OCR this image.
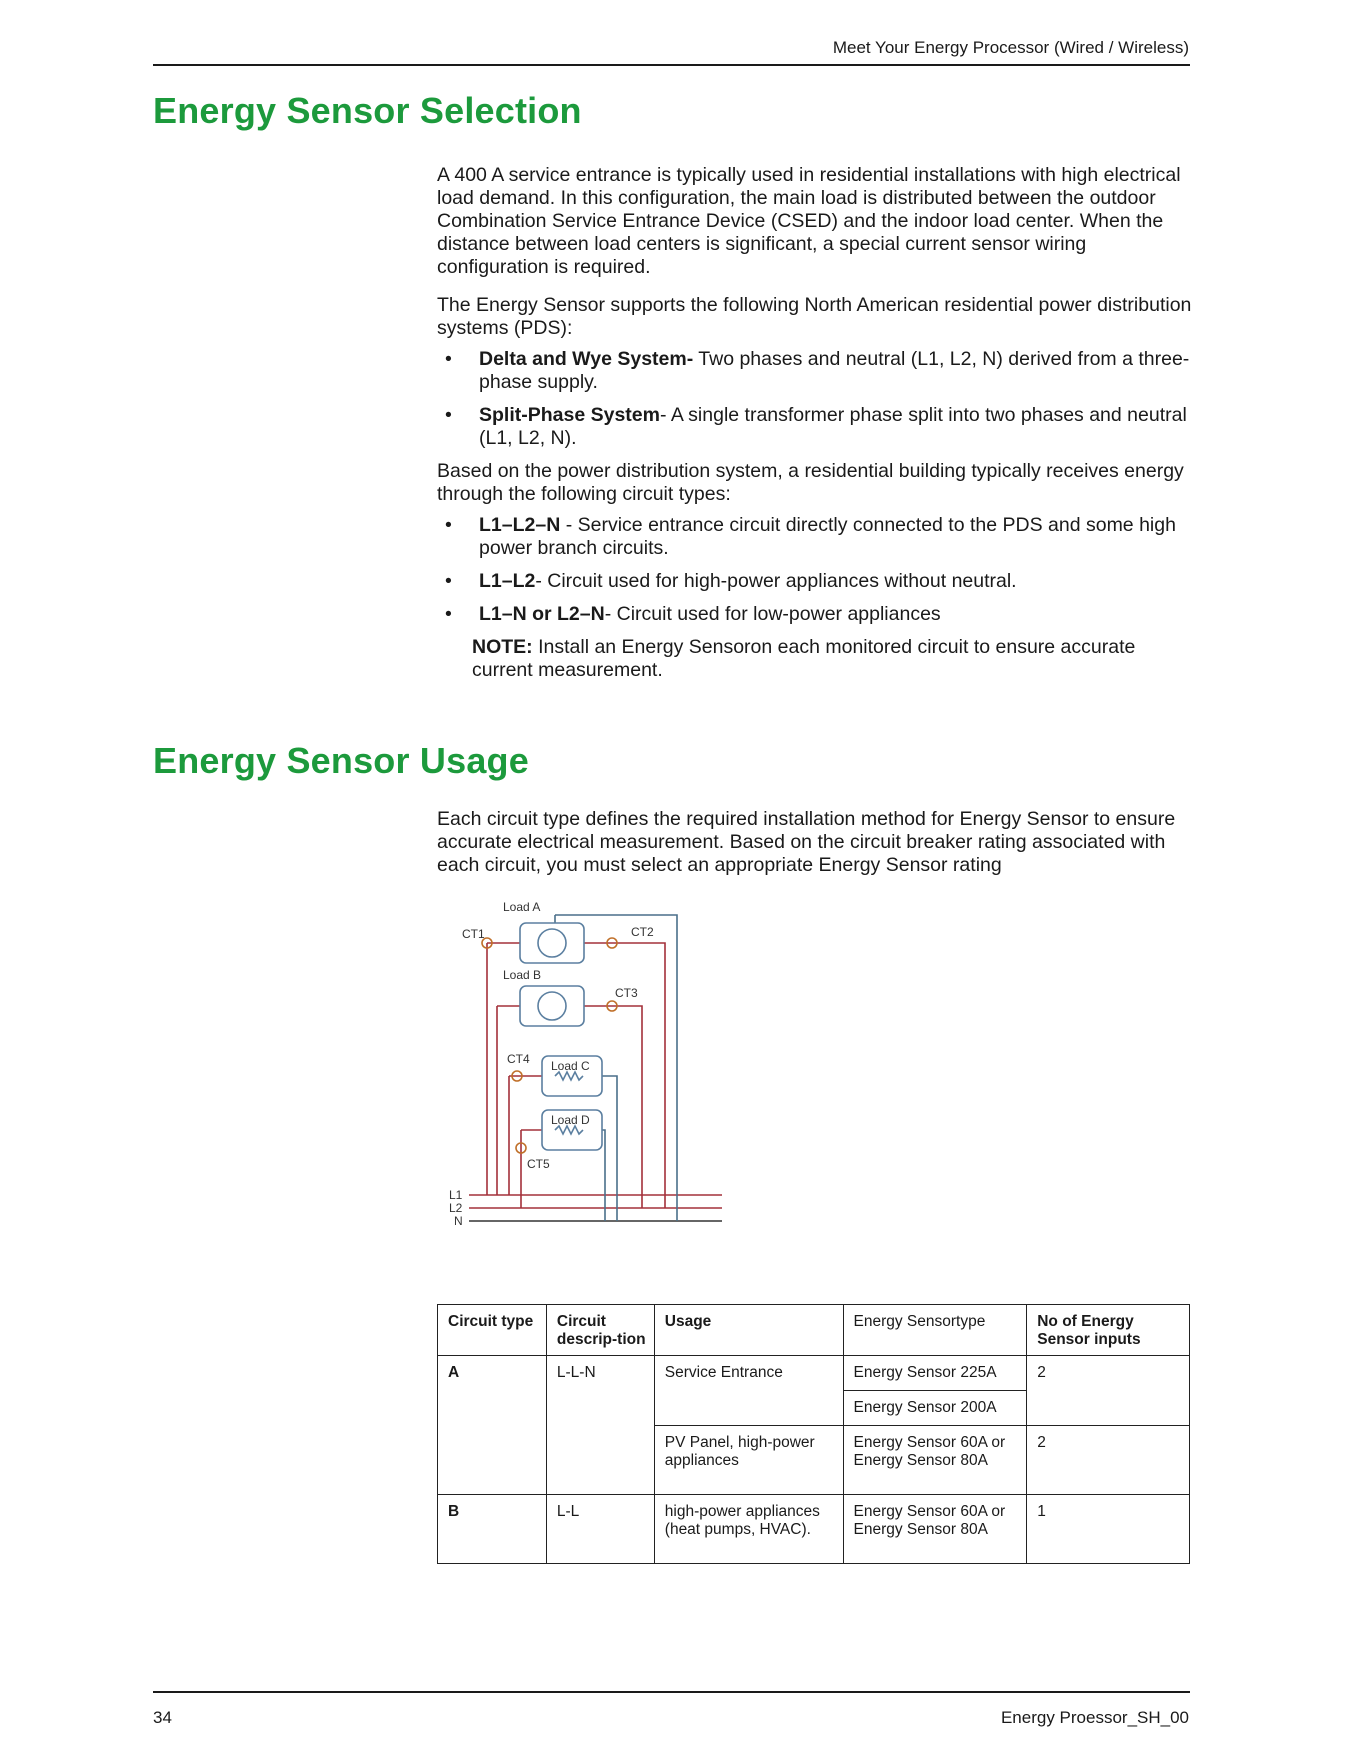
Meet Your Energy Processor (Wired / Wireless)
Energy Sensor Selection

A 400 A service entrance is typically used in residential installations with high electrical load demand. In this configuration, the main load is distributed between the outdoor Combination Service Entrance Device (CSED) and the indoor load center. When the distance between load centers is significant, a special current sensor wiring configuration is required.

The Energy Sensor supports the following North American residential power distribution systems (PDS):

• Delta and Wye System- Two phases and neutral (L1, L2, N) derived from a three-phase supply.
• Split-Phase System- A single transformer phase split into two phases and neutral (L1, L2, N).

Based on the power distribution system, a residential building typically receives energy through the following circuit types:

• L1–L2–N - Service entrance circuit directly connected to the PDS and some high power branch circuits.
• L1–L2- Circuit used for high-power appliances without neutral.
• L1–N or L2–N- Circuit used for low-power appliances

NOTE: Install an Energy Sensoron each monitored circuit to ensure accurate current measurement.

Energy Sensor Usage

Each circuit type defines the required installation method for Energy Sensor to ensure accurate electrical measurement. Based on the circuit breaker rating associated with each circuit, you must select an appropriate Energy Sensor rating

Load A
Load B
Load C
Load D
CT1	CT2
CT3
CT4
CT5
L1
L2
N
Circuit type	Circuit descrip-tion	Usage	Energy Sensortype	No of Energy Sensor inputs
A	L-L-N	Service Entrance	Energy Sensor 225A	2
			Energy Sensor 200A	
		PV Panel, high-power appliances	Energy Sensor 60A or Energy Sensor 80A	2
B	L-L	high-power appliances (heat pumps, HVAC).	Energy Sensor 60A or Energy Sensor 80A	1
34	Energy Proessor_SH_00
